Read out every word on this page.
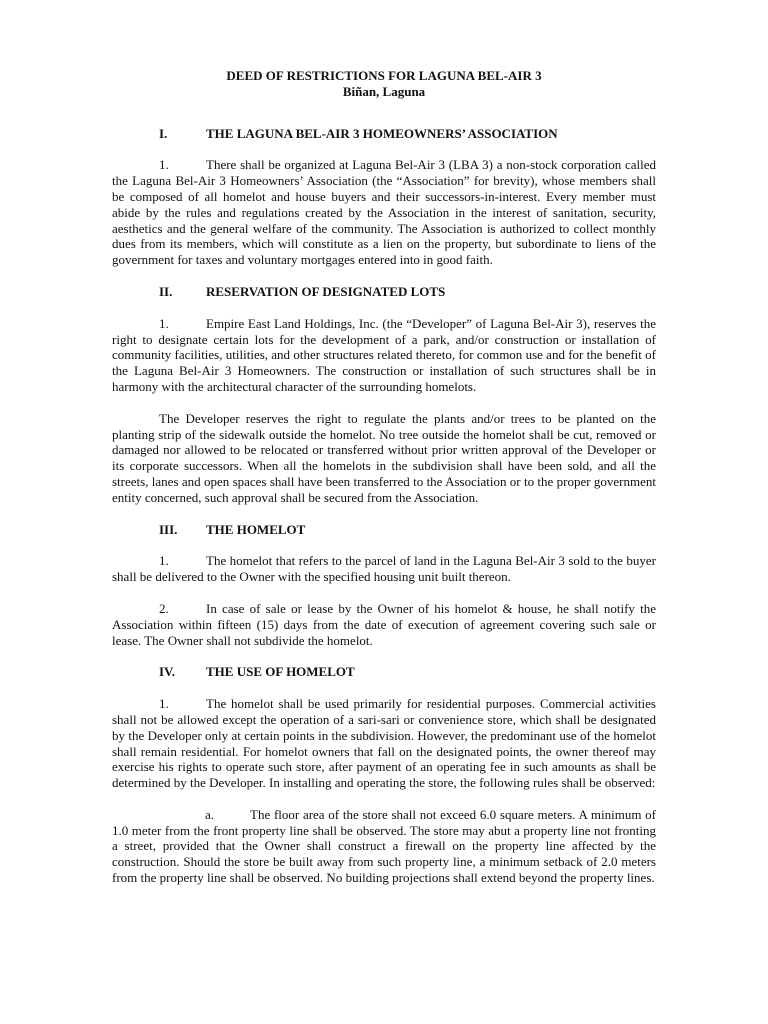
DEED OF RESTRICTIONS FOR LAGUNA BEL-AIR 3

Biñan, Laguna

I.	THE LAGUNA BEL-AIR 3 HOMEOWNERS’ ASSOCIATION

1.	There shall be organized at Laguna Bel-Air 3 (LBA 3) a non-stock corporation called the Laguna Bel-Air 3 Homeowners’ Association (the “Association” for brevity), whose members shall be composed of all homelot and house buyers and their successors-in-interest. Every member must abide by the rules and regulations created by the Association in the interest of sanitation, security, aesthetics and the general welfare of the community. The Association is authorized to collect monthly dues from its members, which will constitute as a lien on the property, but subordinate to liens of the government for taxes and voluntary mortgages entered into in good faith.

II.	RESERVATION OF DESIGNATED LOTS

1.	Empire East Land Holdings, Inc. (the “Developer” of Laguna Bel-Air 3), reserves the right to designate certain lots for the development of a park, and/or construction or installation of community facilities, utilities, and other structures related thereto, for common use and for the benefit of the Laguna Bel-Air 3 Homeowners. The construction or installation of such structures shall be in harmony with the architectural character of the surrounding homelots.

The Developer reserves the right to regulate the plants and/or trees to be planted on the planting strip of the sidewalk outside the homelot. No tree outside the homelot shall be cut, removed or damaged nor allowed to be relocated or transferred without prior written approval of the Developer or its corporate successors. When all the homelots in the subdivision shall have been sold, and all the streets, lanes and open spaces shall have been transferred to the Association or to the proper government entity concerned, such approval shall be secured from the Association.

III.	THE HOMELOT

1.	The homelot that refers to the parcel of land in the Laguna Bel-Air 3 sold to the buyer shall be delivered to the Owner with the specified housing unit built thereon.

2.	In case of sale or lease by the Owner of his homelot & house, he shall notify the Association within fifteen (15) days from the date of execution of agreement covering such sale or lease. The Owner shall not subdivide the homelot.

IV.	THE USE OF HOMELOT

1.	The homelot shall be used primarily for residential purposes. Commercial activities shall not be allowed except the operation of a sari-sari or convenience store, which shall be designated by the Developer only at certain points in the subdivision. However, the predominant use of the homelot shall remain residential. For homelot owners that fall on the designated points, the owner thereof may exercise his rights to operate such store, after payment of an operating fee in such amounts as shall be determined by the Developer. In installing and operating the store, the following rules shall be observed:

a.	The floor area of the store shall not exceed 6.0 square meters. A minimum of 1.0 meter from the front property line shall be observed. The store may abut a property line not fronting a street, provided that the Owner shall construct a firewall on the property line affected by the construction. Should the store be built away from such property line, a minimum setback of 2.0 meters from the property line shall be observed. No building projections shall extend beyond the property lines.
